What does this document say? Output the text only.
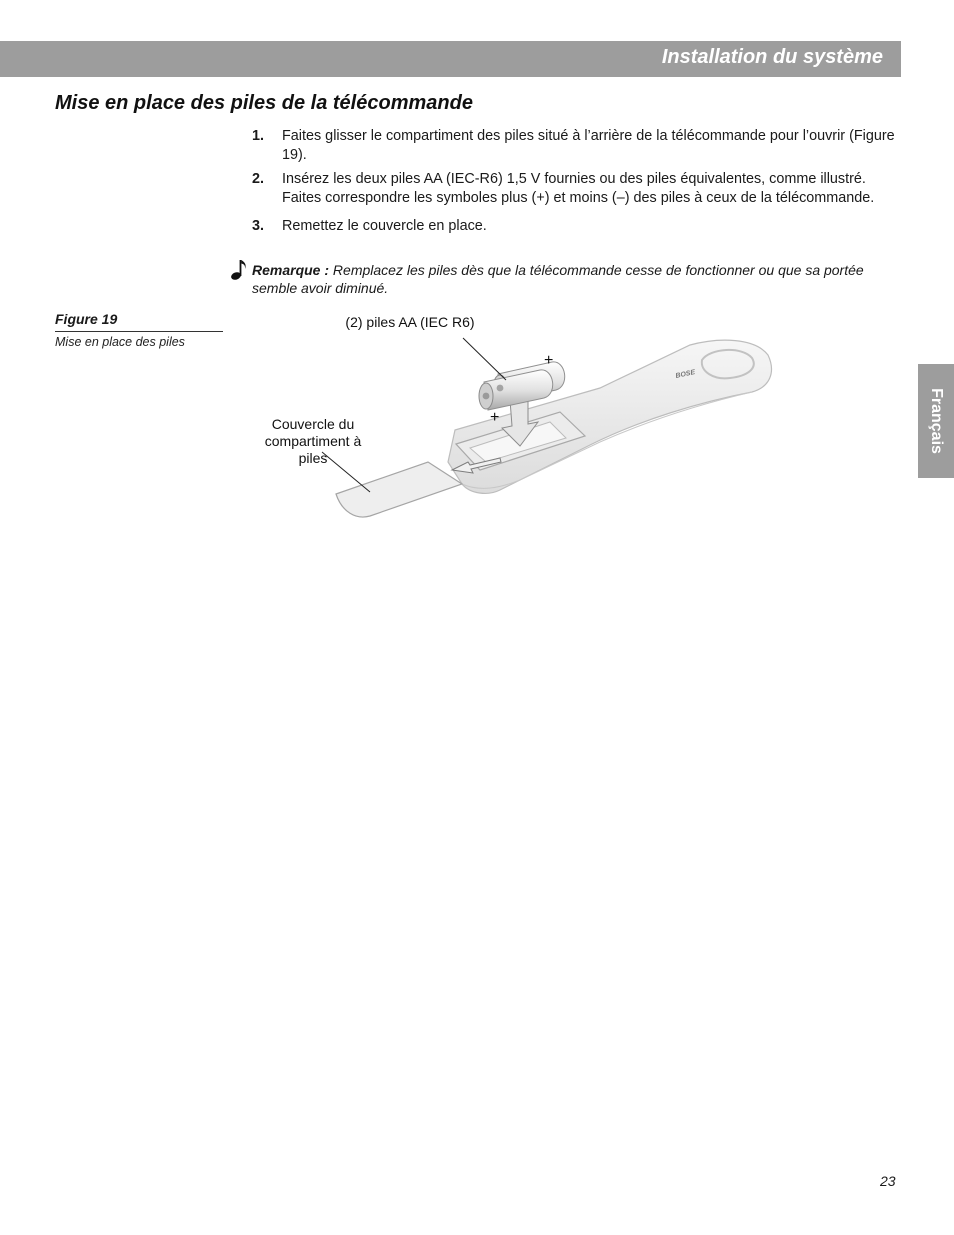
Installation du système
Mise en place des piles de la télécommande
1. Faites glisser le compartiment des piles situé à l’arrière de la télécommande pour l’ouvrir (Figure 19).
2. Insérez les deux piles AA (IEC-R6) 1,5 V fournies ou des piles équivalentes, comme illustré. Faites correspondre les symboles plus (+) et moins (–) des piles à ceux de la télécommande.
3. Remettez le couvercle en place.
Remarque : Remplacez les piles dès que la télécommande cesse de fonctionner ou que sa portée semble avoir diminué.
Figure 19
Mise en place des piles
BOSE
(2) piles AA (IEC R6)
Couvercle du compartiment à piles
+
+	Français
23
